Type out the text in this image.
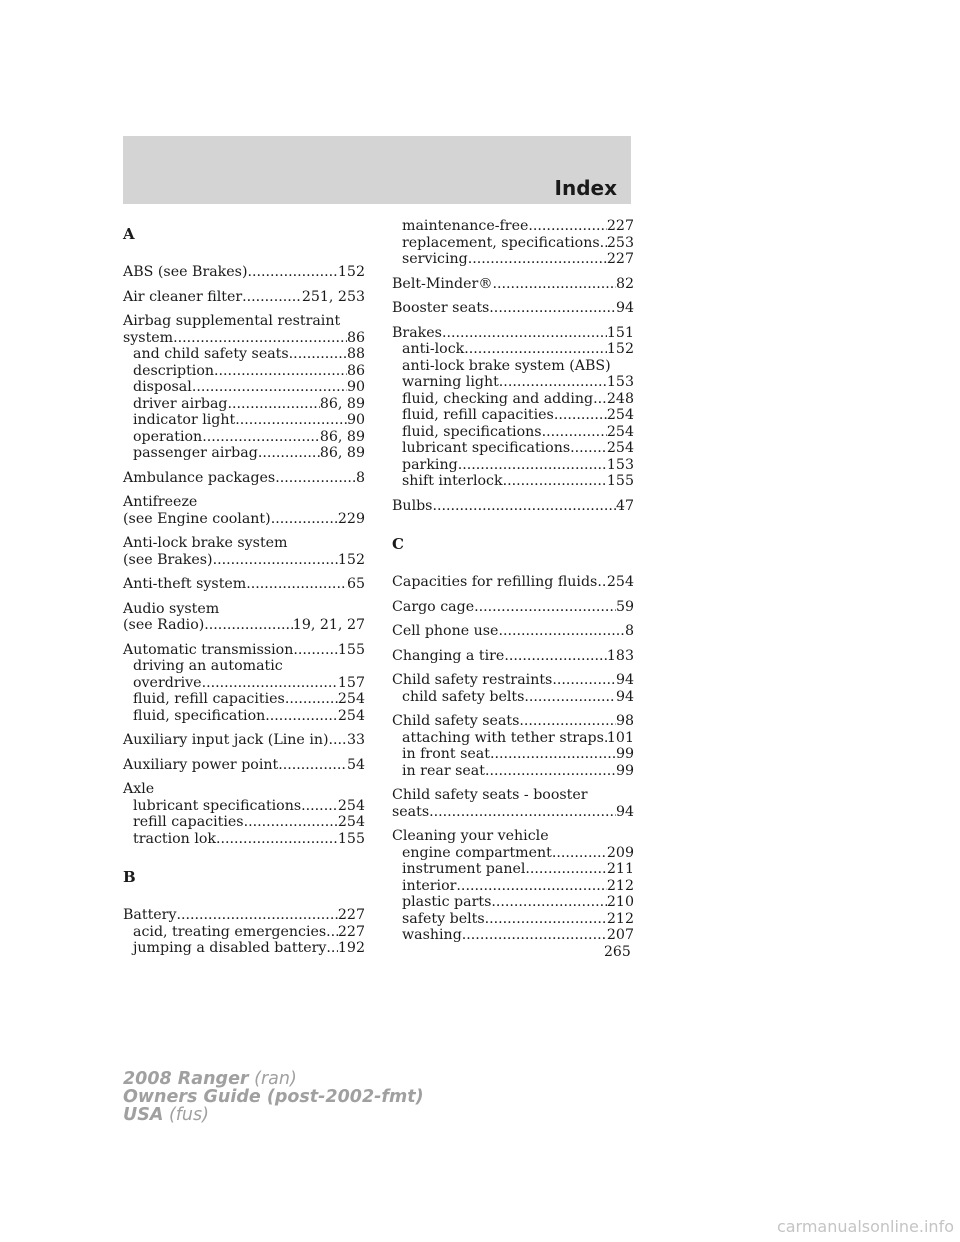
Index
A
ABS (see Brakes) .....	152
Air cleaner filter .....	251, 253
Airbag supplemental restraint
system .....	86
and child safety seats .....	88
description .....	86
disposal .....	90
driver airbag .....	86, 89
indicator light .....	90
operation .....	86, 89
passenger airbag .....	86, 89
Ambulance packages .....	8
Antifreeze
(see Engine coolant) .....	229
Anti-lock brake system
(see Brakes) .....	152
Anti-theft system .....	65
Audio system
(see Radio) .....	19, 21, 27
Automatic transmission .....	155
driving an automatic
overdrive .....	157
fluid, refill capacities .....	254
fluid, specification .....	254
Auxiliary input jack (Line in) ..... 33
Auxiliary power point .....	54
Axle
lubricant specifications .....	254
refill capacities .....	254
traction lok .....	155
B
Battery .....	227
acid, treating emergencies ..... 227
jumping a disabled battery ..... 192
maintenance-free .....	227
replacement, specifications ..... 253
servicing .....	227
Belt-Minder® .....	82
Booster seats .....	94
Brakes .....	151
anti-lock .....	152
anti-lock brake system (ABS)
warning light .....	153
fluid, checking and adding ..... 248
fluid, refill capacities .....	254
fluid, specifications .....	254
lubricant specifications .....	254
parking .....	153
shift interlock .....	155
Bulbs .....	47
C
Capacities for refilling fluids ..... 254
Cargo cage .....	59
Cell phone use .....	8
Changing a tire .....	183
Child safety restraints .....	94
child safety belts .....	94
Child safety seats .....	98
attaching with tether straps ..... 101
in front seat .....	99
in rear seat .....	99
Child safety seats - booster
seats .....	94
Cleaning your vehicle
engine compartment .....	209
instrument panel .....	211
interior .....	212
plastic parts .....	210
safety belts .....	212
washing .....	207
265
2008 Ranger (ran)
Owners Guide (post-2002-fmt)
USA (fus)
carmanualsonline.info
